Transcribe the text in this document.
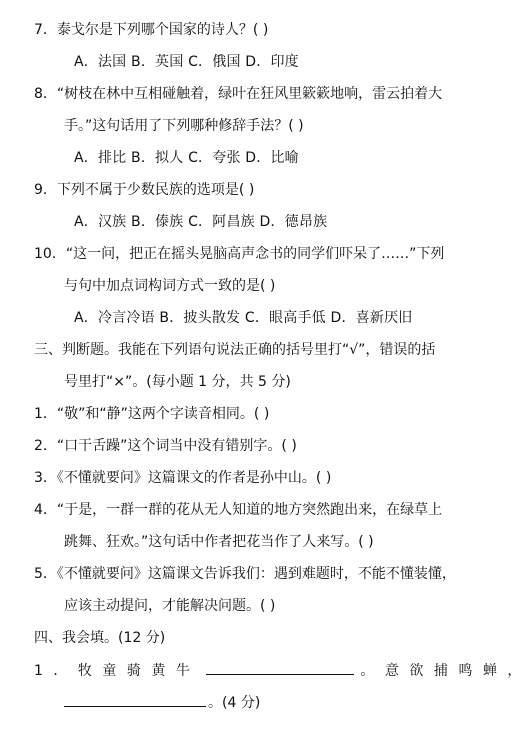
7．泰戈尔是下列哪个国家的诗人？( )
A．法国 B．英国 C．俄国 D．印度
8．“树枝在林中互相碰触着，绿叶在狂风里簌簌地响，雷云拍着大
手。”这句话用了下列哪种修辞手法？( )
A．排比 B．拟人 C．夸张 D．比喻
9．下列不属于少数民族的选项是( )
A．汉族 B．傣族 C．阿昌族 D．德昂族
10．“这一问，把正在摇头晃脑高声念书的同学们吓呆了……”下列
与句中加点词构词方式一致的是( )
A．冷言冷语 B．披头散发 C．眼高手低 D．喜新厌旧
三、判断题。我能在下列语句说法正确的括号里打“√”，错误的括
号里打“×”。(每小题 1 分，共 5 分)
1．“敬”和“静”这两个字读音相同。( )
2．“口干舌躁”这个词当中没有错别字。( )
3．《不懂就要问》这篇课文的作者是孙中山。( )
4．“于是，一群一群的花从无人知道的地方突然跑出来，在绿草上
跳舞、狂欢。”这句话中作者把花当作了人来写。( )
5．《不懂就要问》这篇课文告诉我们：遇到难题时，不能不懂装懂，
应该主动提问，才能解决问题。( )
四、我会填。(12 分)
1．牧童骑黄牛	。意欲捕鸣蝉，
。(4 分)
